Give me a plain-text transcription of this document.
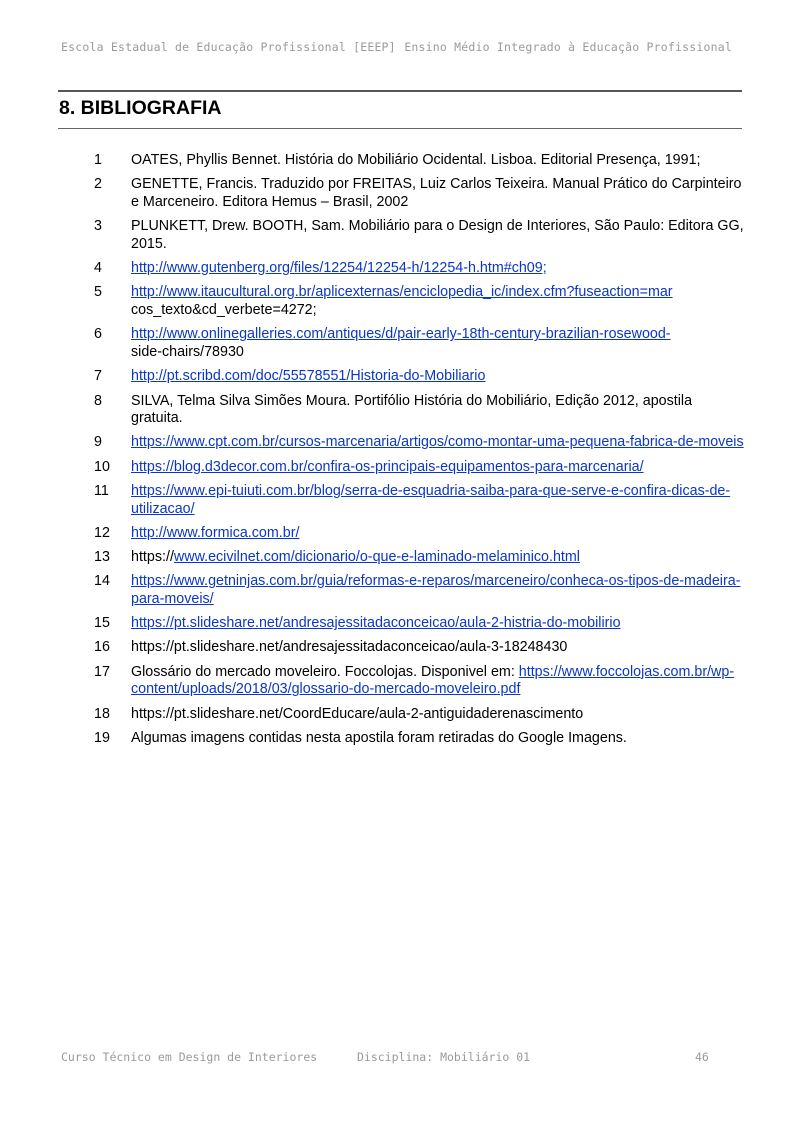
Escola Estadual de Educação Profissional [EEEP] Ensino Médio Integrado à Educação Profissional
8. BIBLIOGRAFIA
1	OATES, Phyllis Bennet. História do Mobiliário Ocidental. Lisboa. Editorial Presença, 1991;
2	GENETTE, Francis. Traduzido por FREITAS, Luiz Carlos Teixeira. Manual Prático do Carpinteiro e Marceneiro. Editora Hemus – Brasil, 2002
3	PLUNKETT, Drew. BOOTH, Sam. Mobiliário para o Design de Interiores, São Paulo: Editora GG, 2015.
4	http://www.gutenberg.org/files/12254/12254-h/12254-h.htm#ch09;
5	http://www.itaucultural.org.br/aplicexternas/enciclopedia_ic/index.cfm?fuseaction=mar
cos_texto&cd_verbete=4272;
6	http://www.onlinegalleries.com/antiques/d/pair-early-18th-century-brazilian-rosewood-
side-chairs/78930
7	http://pt.scribd.com/doc/55578551/Historia-do-Mobiliario
8	SILVA, Telma Silva Simões Moura. Portifólio História do Mobiliário, Edição 2012, apostila gratuita.
9	https://www.cpt.com.br/cursos-marcenaria/artigos/como-montar-uma-pequena-fabrica-de-moveis
10	https://blog.d3decor.com.br/confira-os-principais-equipamentos-para-marcenaria/
11	https://www.epi-tuiuti.com.br/blog/serra-de-esquadria-saiba-para-que-serve-e-confira-dicas-de-utilizacao/
12	http://www.formica.com.br/
13	https://www.ecivilnet.com/dicionario/o-que-e-laminado-melaminico.html
14	https://www.getninjas.com.br/guia/reformas-e-reparos/marceneiro/conheca-os-tipos-de-madeira-para-moveis/
15	https://pt.slideshare.net/andresajessitadaconceicao/aula-2-histria-do-mobilirio
16	https://pt.slideshare.net/andresajessitadaconceicao/aula-3-18248430
17	Glossário do mercado moveleiro. Foccolojas. Disponivel em: https://www.foccolojas.com.br/wp-content/uploads/2018/03/glossario-do-mercado-moveleiro.pdf
18	https://pt.slideshare.net/CoordEducare/aula-2-antiguidaderenascimento
19	Algumas imagens contidas nesta apostila foram retiradas do Google Imagens.
Curso Técnico em Design de Interiores	Disciplina: Mobiliário 01	46
